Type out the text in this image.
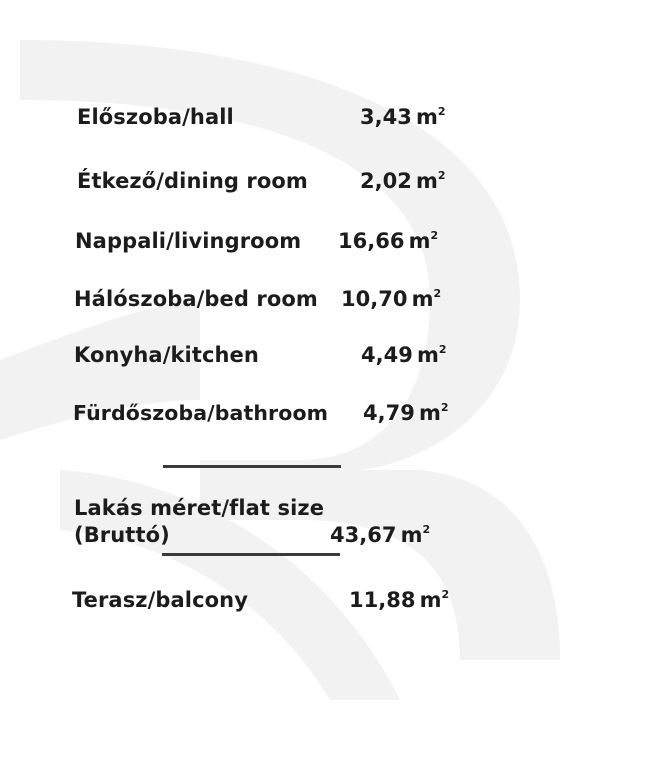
Előszoba/hall	3,43  $m^2$
Étkező/dining room 2,02  $m^2$
Nappali/livingroom 16,66  $m^2$
Hálószoba/bed room 10,70  $m^2$
Konyha/kitchen	4,49  $m^2$
Fürdőszoba/bathroom 4,79  $m^2$
Lakás méret/flat size
(Bruttó)	43,67  $m^2$
Terasz/balcony	11,88  $m^2$
